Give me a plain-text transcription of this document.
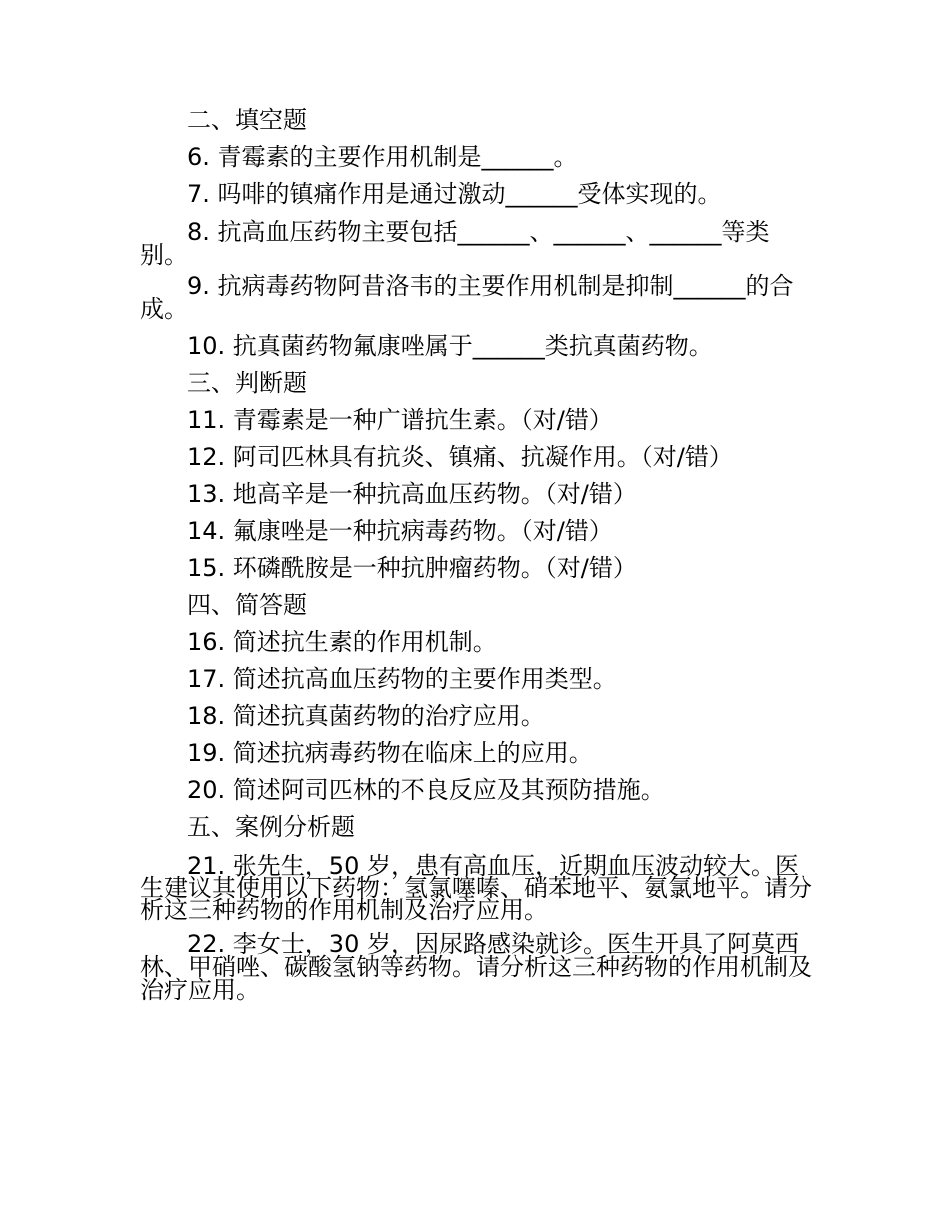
二、填空题

6. 青霉素的主要作用机制是______。

7. 吗啡的镇痛作用是通过激动______受体实现的。

8. 抗高血压药物主要包括______、______、______等类别。

9. 抗病毒药物阿昔洛韦的主要作用机制是抑制______的合成。

10. 抗真菌药物氟康唑属于______类抗真菌药物。

三、判断题

11. 青霉素是一种广谱抗生素。（对/错）

12. 阿司匹林具有抗炎、镇痛、抗凝作用。（对/错）

13. 地高辛是一种抗高血压药物。（对/错）

14. 氟康唑是一种抗病毒药物。（对/错）

15. 环磷酰胺是一种抗肿瘤药物。（对/错）

四、简答题

16. 简述抗生素的作用机制。

17. 简述抗高血压药物的主要作用类型。

18. 简述抗真菌药物的治疗应用。

19. 简述抗病毒药物在临床上的应用。

20. 简述阿司匹林的不良反应及其预防措施。

五、案例分析题

21. 张先生，50 岁，患有高血压，近期血压波动较大。医生建议其使用以下药物：氢氯噻嗪、硝苯地平、氨氯地平。请分析这三种药物的作用机制及治疗应用。

22. 李女士，30 岁，因尿路感染就诊。医生开具了阿莫西林、甲硝唑、碳酸氢钠等药物。请分析这三种药物的作用机制及治疗应用。
